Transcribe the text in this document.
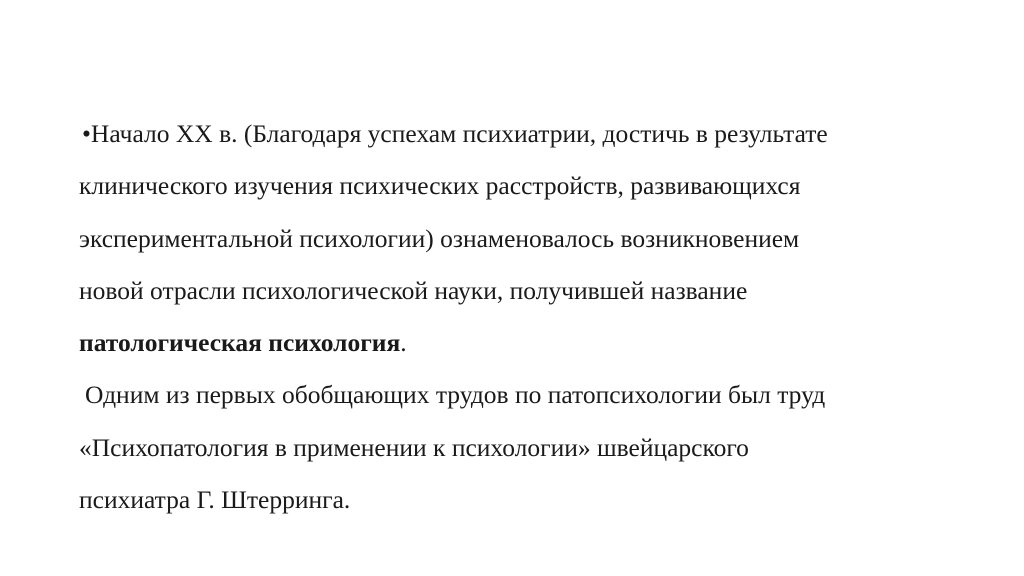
•Начало XX в. (Благодаря успехам психиатрии, достичь в результате
клинического изучения психических расстройств, развивающихся
экспериментальной психологии) ознаменовалось возникновением
новой отрасли психологической науки, получившей название
патологическая психология.
Одним из первых обобщающих трудов по патопсихологии был труд
«Психопатология в применении к психологии» швейцарского
психиатра Г. Штерринга.
